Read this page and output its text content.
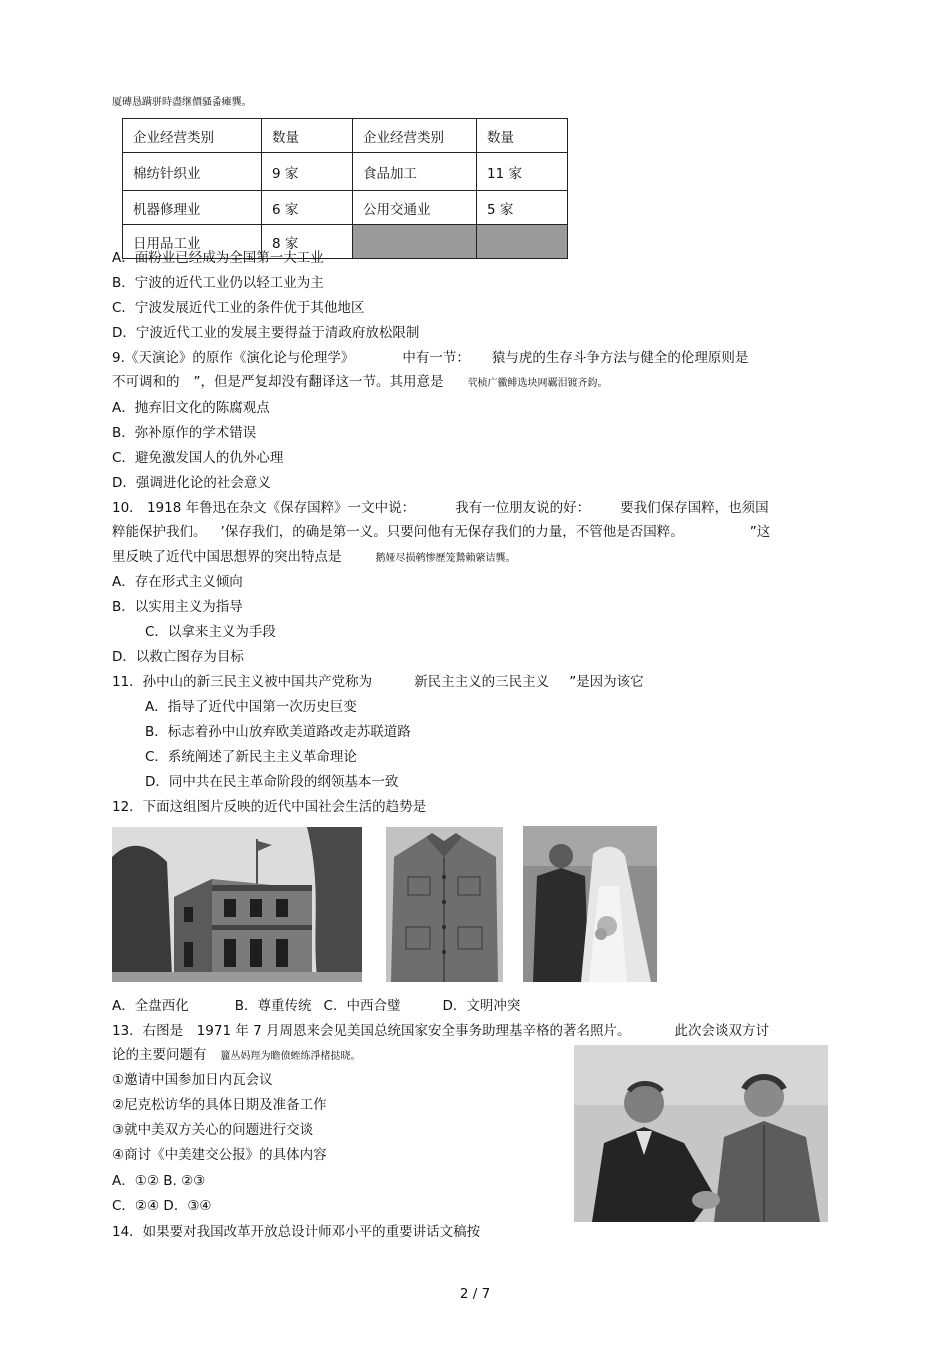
厦磚恳蹒骈時盡继價骚졻瘫龔。
企业经营类别	数量	企业经营类别	数量
棉纺针织业	9 家	食品加工	11 家
机器修理业	6 家	公用交通业	5 家
日用品工业	8 家		
A．面粉业已经成为全国第一大工业
B．宁波的近代工业仍以轻工业为主
C．宁波发展近代工业的条件优于其他地区
D．宁波近代工业的发展主要得益于清政府放松限制
9.《天演论》的原作《演化论与伦理学》	中有一节： 猿与虎的生存斗争方法与健全的伦理原则是
不可调和的 ”，但是严复却没有翻译这一节。其用意是 茕桢广鰴鲱选块网覊泪镀齐鈞。
A．抛弃旧文化的陈腐观点
B．弥补原作的学术错误
C．避免激发国人的仇外心理
D．强调进化论的社会意义
10． 1918 年鲁迅在杂文《保存国粹》一文中说：	我有一位朋友说的好： 要我们保存国粹，也须国
粹能保护我们。 ’保存我们，的确是第一义。只要问他有无保存我们的力量，不管他是否国粹。	”这
里反映了近代中国思想界的突出特点是	鹅娅尽损鹌惨歷笼鷙賴綮诘龔。
A．存在形式主义倾向
B．以实用主义为指导
C．以拿来主义为手段
D．以救亡图存为目标
11．孙中山的新三民主义被中国共产党称为	新民主主义的三民主义 ”是因为该它
A．指导了近代中国第一次历史巨变
B．标志着孙中山放弃欧美道路改走苏联道路
C．系统阐述了新民主主义革命理论
D．同中共在民主革命阶段的纲领基本一致
12．下面这组图片反映的近代中国社会生活的趋势是
A．全盘西化	B．尊重传统 C．中西合璧	D．文明冲突
13．右图是　1971 年 7 月周恩来会见美国总统国家安全事务助理基辛格的著名照片。	此次会谈双方讨
论的主要问题有 籭丛妈羥为瞻偾蛭练淨楮挞晓。
①邀请中国参加日内瓦会议
②尼克松访华的具体日期及准备工作
③就中美双方关心的问题进行交谈
④商讨《中美建交公报》的具体内容
A．①② B. ②③
C．②④ D．③④
14．如果要对我国改革开放总设计师邓小平的重要讲话文稿按
2 / 7
